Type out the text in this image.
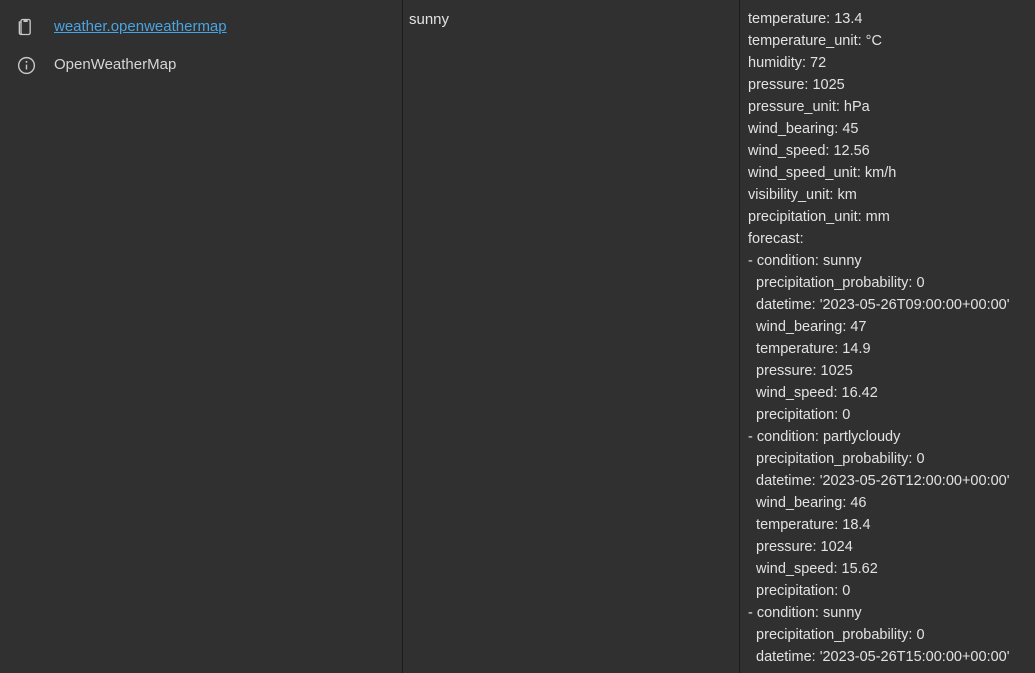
weather.openweathermap
OpenWeatherMap
sunny	temperature: 13.4
temperature_unit: °C
humidity: 72
pressure: 1025
pressure_unit: hPa
wind_bearing: 45
wind_speed: 12.56
wind_speed_unit: km/h
visibility_unit: km
precipitation_unit: mm
forecast:
- condition: sunny
precipitation_probability: 0
datetime: '2023-05-26T09:00:00+00:00'
wind_bearing: 47
temperature: 14.9
pressure: 1025
wind_speed: 16.42
precipitation: 0
- condition: partlycloudy
precipitation_probability: 0
datetime: '2023-05-26T12:00:00+00:00'
wind_bearing: 46
temperature: 18.4
pressure: 1024
wind_speed: 15.62
precipitation: 0
- condition: sunny
precipitation_probability: 0
datetime: '2023-05-26T15:00:00+00:00'
